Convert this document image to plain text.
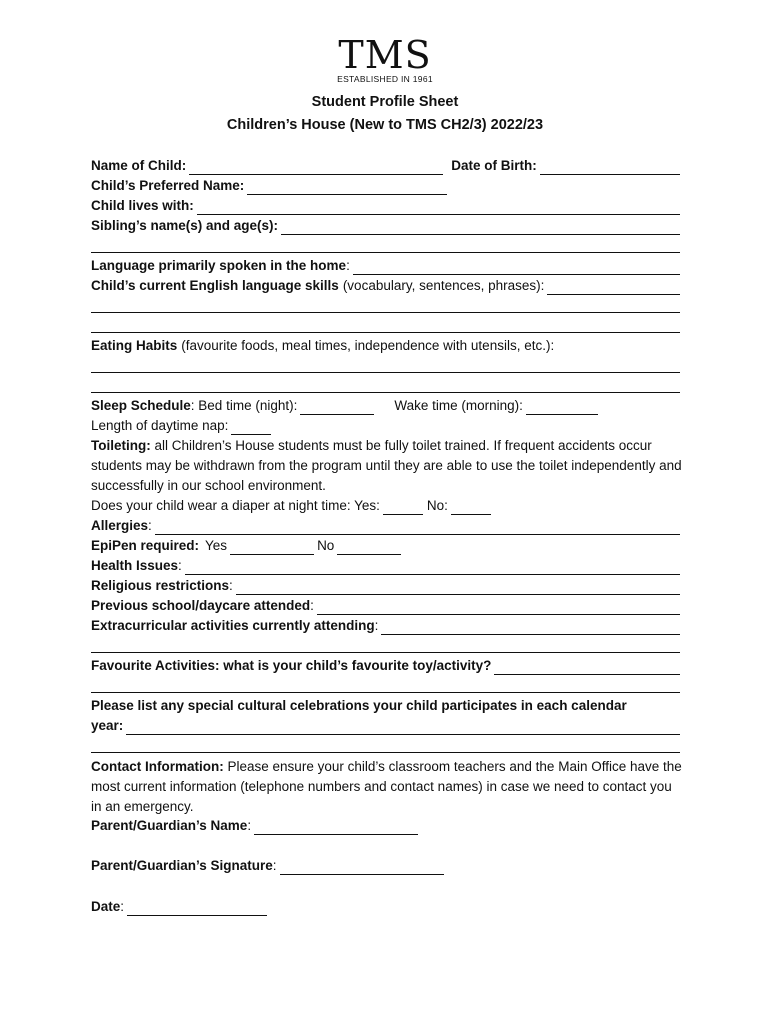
TMS
ESTABLISHED IN 1961
Student Profile Sheet
Children’s House (New to TMS CH2/3) 2022/23
Name of Child :	Date of Birth :
Child’s Preferred Name:
Child lives with:
Sibling’s name(s) and age(s):
Language primarily spoken in the home :
Child’s current English language skills (vocabulary, sentences, phrases):
Eating Habits (favourite foods, meal times, independence with utensils, etc.):
Sleep Schedule : Bed time (night):	Wake time (morning):
Length of daytime nap:
Toileting: all Children’s House students must be fully toilet trained. If frequent accidents occur students may be withdrawn from the program until they are able to use the toilet independently and successfully in our school environment.
Does your child wear a diaper at night time: Yes:	No:
Allergies :
EpiPen required: Yes	No
Health Issues :
Religious restrictions :
Previous school/daycare attended :
Extracurricular activities currently attending :
Favourite Activities: what is your child’s favourite toy/activity?
Please list any special cultural celebrations your child participates in each calendar
year:
Contact Information: Please ensure your child’s classroom teachers and the Main Office have the most current information (telephone numbers and contact names) in case we need to contact you in an emergency.
Parent/Guardian’s Name :
Parent/Guardian’s Signature :
Date :
